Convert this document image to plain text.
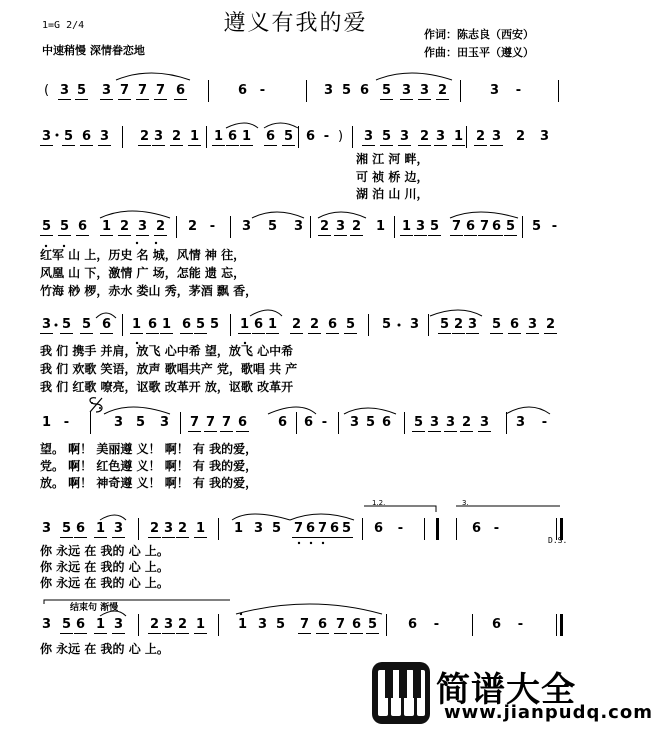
遵义有我的爱
1=G 2/4
中速稍慢 深情眷恋地
作词：陈志良（西安）
作曲：田玉平（遵义）
( 3 5 3 7 7 7 6	6 -	3 5 6 5 3 3 2	3 -
3 5 6 3 2 3 2 1 1 6 1 6 5 6 - )	3 5 3 2 3 1 2 3 2 3
湘 江 河 畔，
可 祯 桥 边，
湖 泊 山 川，
5 5 6 1 2 3 2 2 - 3 5 3 2 3 2 1 1 3 5 7 6 7 6 5 5 -
红军 山 上，历史 名 城，风情 神 往，
风凰 山 下，激情 广 场，怎能 遗 忘，
竹海 桫 椤，赤水 娄山 秀，茅酒 飘 香，
3 5 5 6 1 6 1 6 5 5 1 6 1 2 2 6 5 5 3 5 2 3 5 6 3 2
我 们 携手 并肩，放飞 心中希 望，放飞 心中希
我 们 欢歌 笑语，放声 歌唱共产 党，歌唱 共 产
我 们 红歌 嘹亮，讴歌 改革开 放，讴歌 改革开
1 -	3 5 3 7 7 7 6 6 6 - 3 5 6 5 3 3 2 3 3 -
望。 啊！ 美丽遵 义！ 啊！ 有 我的爱，
党。 啊！ 红色遵 义！ 啊！ 有 我的爱，
放。 啊！ 神奇遵 义！ 啊！ 有 我的爱，
1.2.	3.
3 5 6 1 3 2 3 2 1 1 3 5 7 6 7 6 5 6 -	6 -
D.S.
你 永远 在 我的 心 上。
你 永远 在 我的 心 上。
你 永远 在 我的 心 上。
结束句 渐慢
3 5 6 1 3 2 3 2 1	1 3 5 7 6 7 6 5 6 -	6 -
你 永远 在 我的 心 上。
简谱大全
www.jianpudq.com
